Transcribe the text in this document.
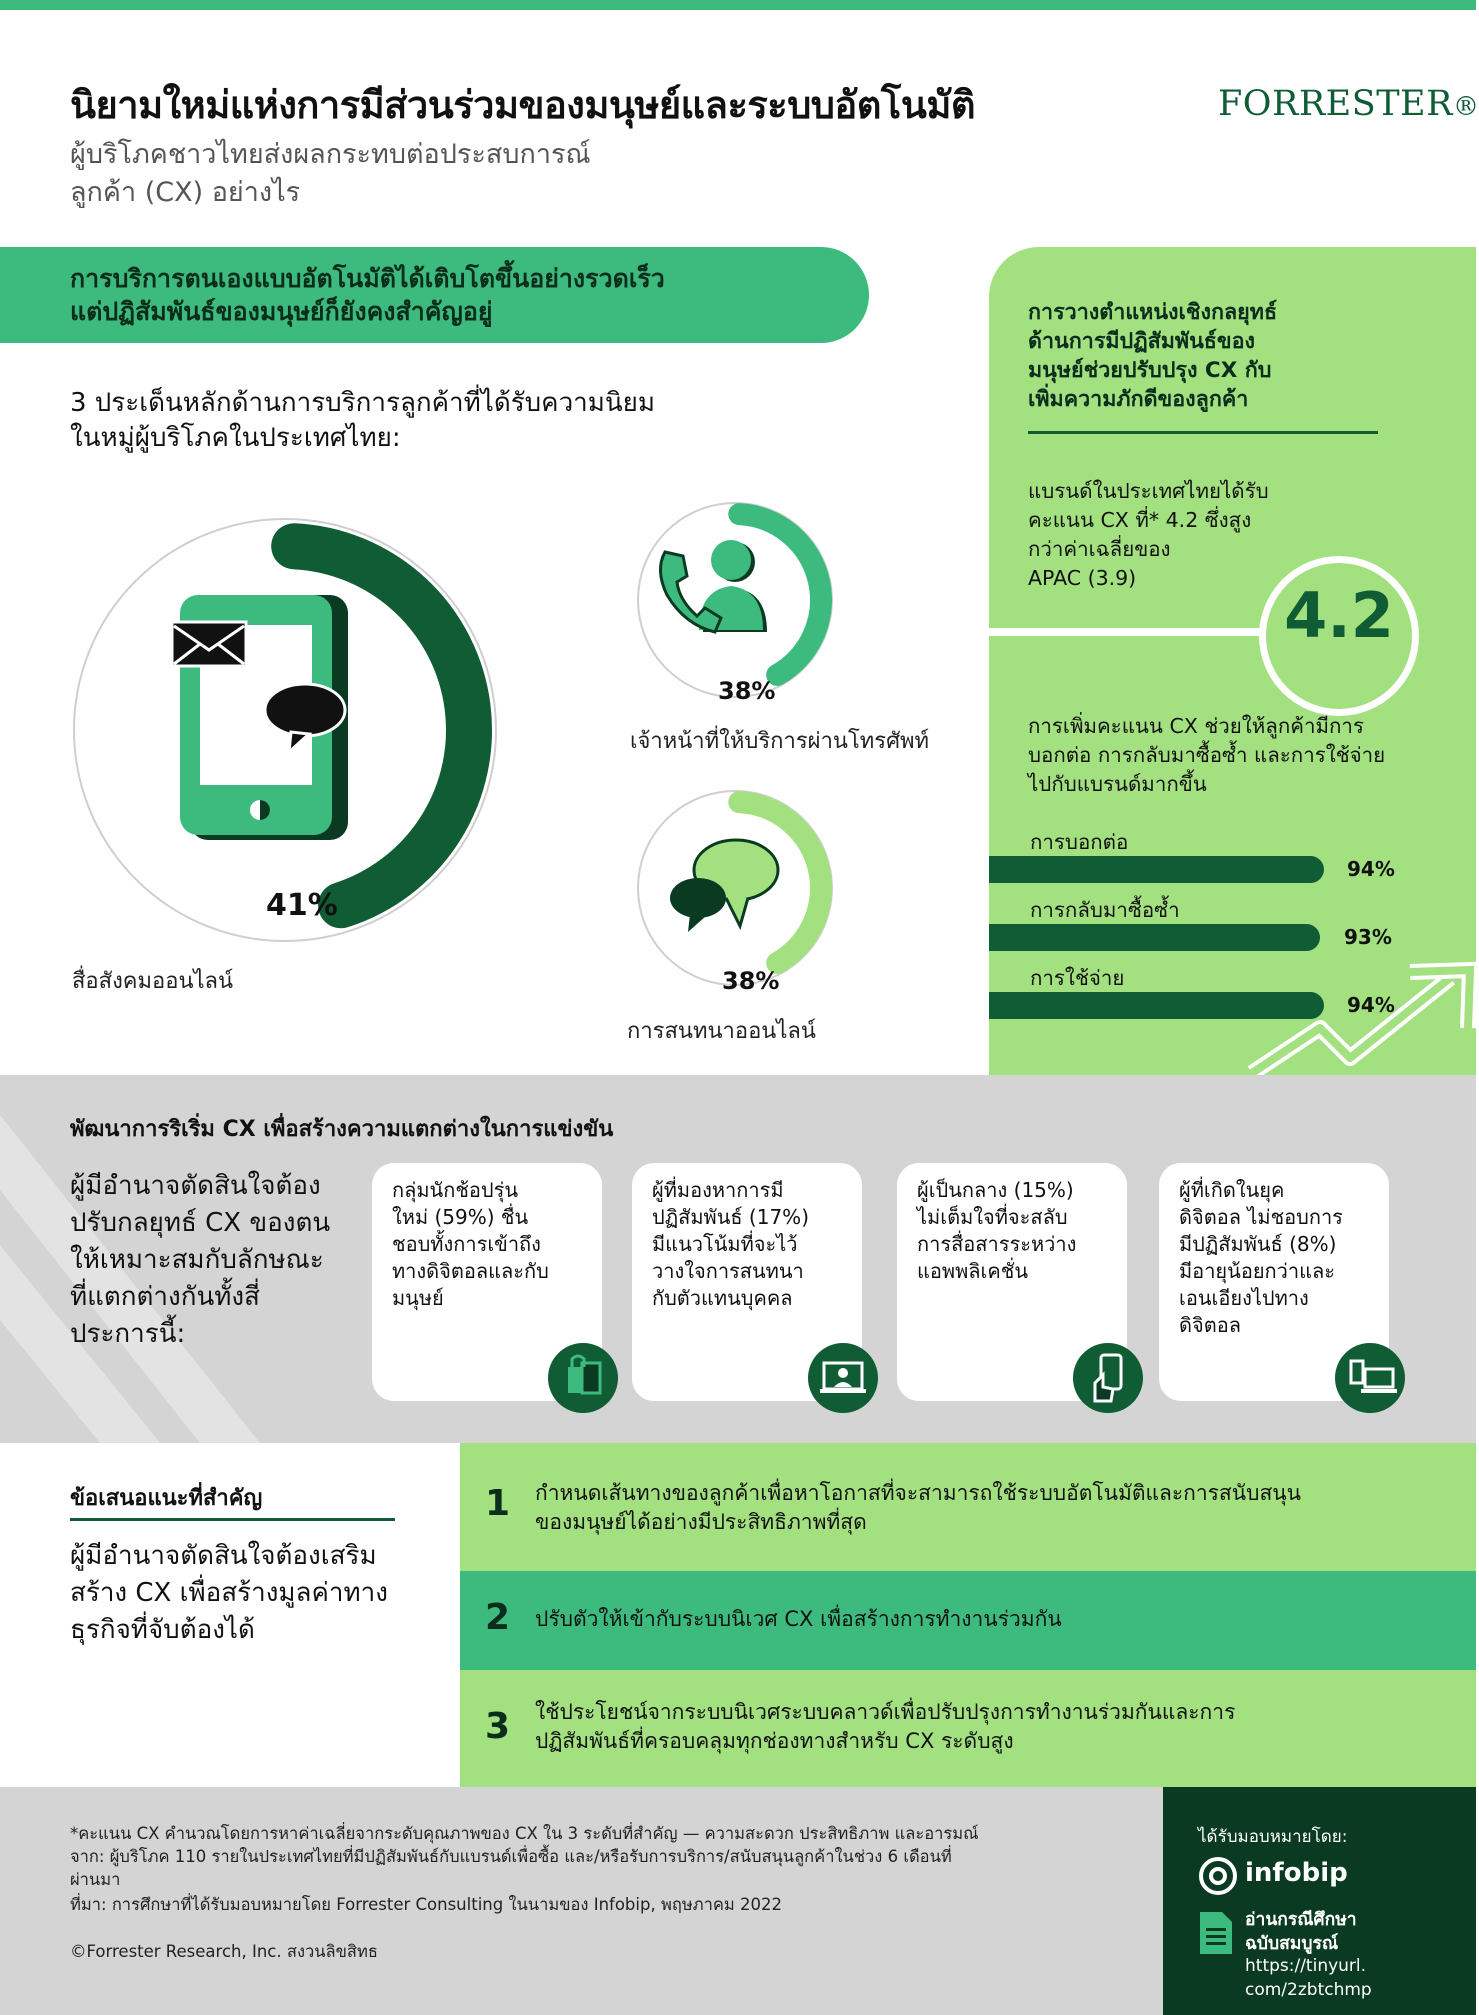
นิยามใหม่แห่งการมีส่วนร่วมของมนุษย์และระบบอัตโนมัติ
ผู้บริโภคชาวไทยส่งผลกระทบต่อประสบการณ์
ลูกค้า (CX) อย่างไร
FORRESTER®
การบริการตนเองแบบอัตโนมัติได้เติบโตขึ้นอย่างรวดเร็ว
แต่ปฏิสัมพันธ์ของมนุษย์ก็ยังคงสำคัญอยู่
3 ประเด็นหลักด้านการบริการลูกค้าที่ได้รับความนิยม
ในหมู่ผู้บริโภคในประเทศไทย:
41%
สื่อสังคมออนไลน์
38%
เจ้าหน้าที่ให้บริการผ่านโทรศัพท์
38%
การสนทนาออนไลน์
การวางตำแหน่งเชิงกลยุทธ์
ด้านการมีปฏิสัมพันธ์ของ
มนุษย์ช่วยปรับปรุง CX กับ
เพิ่มความภักดีของลูกค้า
แบรนด์ในประเทศไทยได้รับ
คะแนน CX ที่* 4.2 ซึ่งสูง
กว่าค่าเฉลี่ยของ
APAC (3.9)
4.2
การเพิ่มคะแนน CX ช่วยให้ลูกค้ามีการ
บอกต่อ การกลับมาซื้อซ้ำ และการใช้จ่าย
ไปกับแบรนด์มากขึ้น
การบอกต่อ
94%
การกลับมาซื้อซ้ำ
93%
การใช้จ่าย
94%
พัฒนาการริเริ่ม CX เพื่อสร้างความแตกต่างในการแข่งขัน
ผู้มีอำนาจตัดสินใจต้อง
ปรับกลยุทธ์ CX ของตน
ให้เหมาะสมกับลักษณะ
ที่แตกต่างกันทั้งสี่
ประการนี้:
กลุ่มนักช้อปรุ่น
ใหม่ (59%) ชื่น
ชอบทั้งการเข้าถึง
ทางดิจิตอลและกับ
มนุษย์
ผู้ที่มองหาการมี
ปฏิสัมพันธ์ (17%)
มีแนวโน้มที่จะไว้
วางใจการสนทนา
กับตัวแทนบุคคล
ผู้เป็นกลาง (15%)
ไม่เต็มใจที่จะสลับ
การสื่อสารระหว่าง
แอพพลิเคชั่น
ผู้ที่เกิดในยุค
ดิจิตอล ไม่ชอบการ
มีปฏิสัมพันธ์ (8%)
มีอายุน้อยกว่าและ
เอนเอียงไปทาง
ดิจิตอล
ข้อเสนอแนะที่สำคัญ
ผู้มีอำนาจตัดสินใจต้องเสริม
สร้าง CX เพื่อสร้างมูลค่าทาง
ธุรกิจที่จับต้องได้
1 กำหนดเส้นทางของลูกค้าเพื่อหาโอกาสที่จะสามารถใช้ระบบอัตโนมัติและการสนับสนุน
ของมนุษย์ได้อย่างมีประสิทธิภาพที่สุด
2 ปรับตัวให้เข้ากับระบบนิเวศ CX เพื่อสร้างการทำงานร่วมกัน
3 ใช้ประโยชน์จากระบบนิเวศระบบคลาวด์เพื่อปรับปรุงการทำงานร่วมกันและการ
ปฏิสัมพันธ์ที่ครอบคลุมทุกช่องทางสำหรับ CX ระดับสูง
*คะแนน CX คำนวณโดยการหาค่าเฉลี่ยจากระดับคุณภาพของ CX ใน 3 ระดับที่สำคัญ — ความสะดวก ประสิทธิภาพ และอารมณ์
จาก: ผู้บริโภค 110 รายในประเทศไทยที่มีปฏิสัมพันธ์กับแบรนด์เพื่อซื้อ และ/หรือรับการบริการ/สนับสนุนลูกค้าในช่วง 6 เดือนที่
ผ่านมา
ที่มา: การศึกษาที่ได้รับมอบหมายโดย Forrester Consulting ในนามของ Infobip, พฤษภาคม 2022
©Forrester Research, Inc. สงวนลิขสิทธ
ได้รับมอบหมายโดย:
infobip
อ่านกรณีศึกษา
ฉบับสมบูรณ์
https://tinyurl.
com/2zbtchmp
